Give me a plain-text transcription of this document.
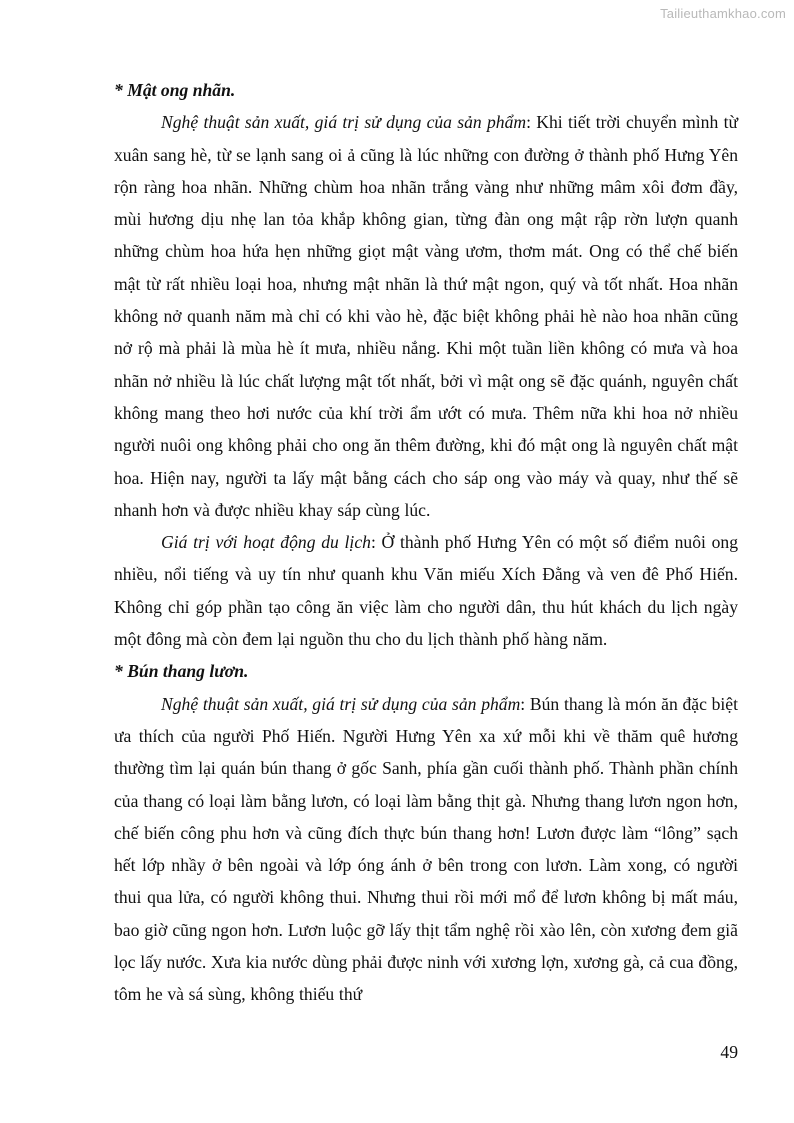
Tailieuthamkhao.com

* Mật ong nhãn.

Nghệ thuật sản xuất, giá trị sử dụng của sản phẩm: Khi tiết trời chuyển mình từ xuân sang hè, từ se lạnh sang oi ả cũng là lúc những con đường ở thành phố Hưng Yên rộn ràng hoa nhãn. Những chùm hoa nhãn trắng vàng như những mâm xôi đơm đầy, mùi hương dịu nhẹ lan tỏa khắp không gian, từng đàn ong mật rập rờn lượn quanh những chùm hoa hứa hẹn những giọt mật vàng ươm, thơm mát. Ong có thể chế biến mật từ rất nhiều loại hoa, nhưng mật nhãn là thứ mật ngon, quý và tốt nhất. Hoa nhãn không nở quanh năm mà chỉ có khi vào hè, đặc biệt không phải hè nào hoa nhãn cũng nở rộ mà phải là mùa hè ít mưa, nhiều nắng. Khi một tuần liền không có mưa và hoa nhãn nở nhiều là lúc chất lượng mật tốt nhất, bởi vì mật ong sẽ đặc quánh, nguyên chất không mang theo hơi nước của khí trời ẩm ướt có mưa. Thêm nữa khi hoa nở nhiều người nuôi ong không phải cho ong ăn thêm đường, khi đó mật ong là nguyên chất mật hoa. Hiện nay, người ta lấy mật bằng cách cho sáp ong vào máy và quay, như thế sẽ nhanh hơn và được nhiều khay sáp cùng lúc.

Giá trị với hoạt động du lịch: Ở thành phố Hưng Yên có một số điểm nuôi ong nhiều, nổi tiếng và uy tín như quanh khu Văn miếu Xích Đằng và ven đê Phố Hiến. Không chỉ góp phần tạo công ăn việc làm cho người dân, thu hút khách du lịch ngày một đông mà còn đem lại nguồn thu cho du lịch thành phố hàng năm.

* Bún thang lươn.

Nghệ thuật sản xuất, giá trị sử dụng của sản phẩm: Bún thang là món ăn đặc biệt ưa thích của người Phố Hiến. Người Hưng Yên xa xứ mỗi khi về thăm quê hương thường tìm lại quán bún thang ở gốc Sanh, phía gần cuối thành phố. Thành phần chính của thang có loại làm bằng lươn, có loại làm bằng thịt gà. Nhưng thang lươn ngon hơn, chế biến công phu hơn và cũng đích thực bún thang hơn! Lươn được làm “lông” sạch hết lớp nhầy ở bên ngoài và lớp óng ánh ở bên trong con lươn. Làm xong, có người thui qua lửa, có người không thui. Nhưng thui rồi mới mổ để lươn không bị mất máu, bao giờ cũng ngon hơn. Lươn luộc gỡ lấy thịt tẩm nghệ rồi xào lên, còn xương đem giã lọc lấy nước. Xưa kia nước dùng phải được ninh với xương lợn, xương gà, cả cua đồng, tôm he và sá sùng, không thiếu thứ

49
